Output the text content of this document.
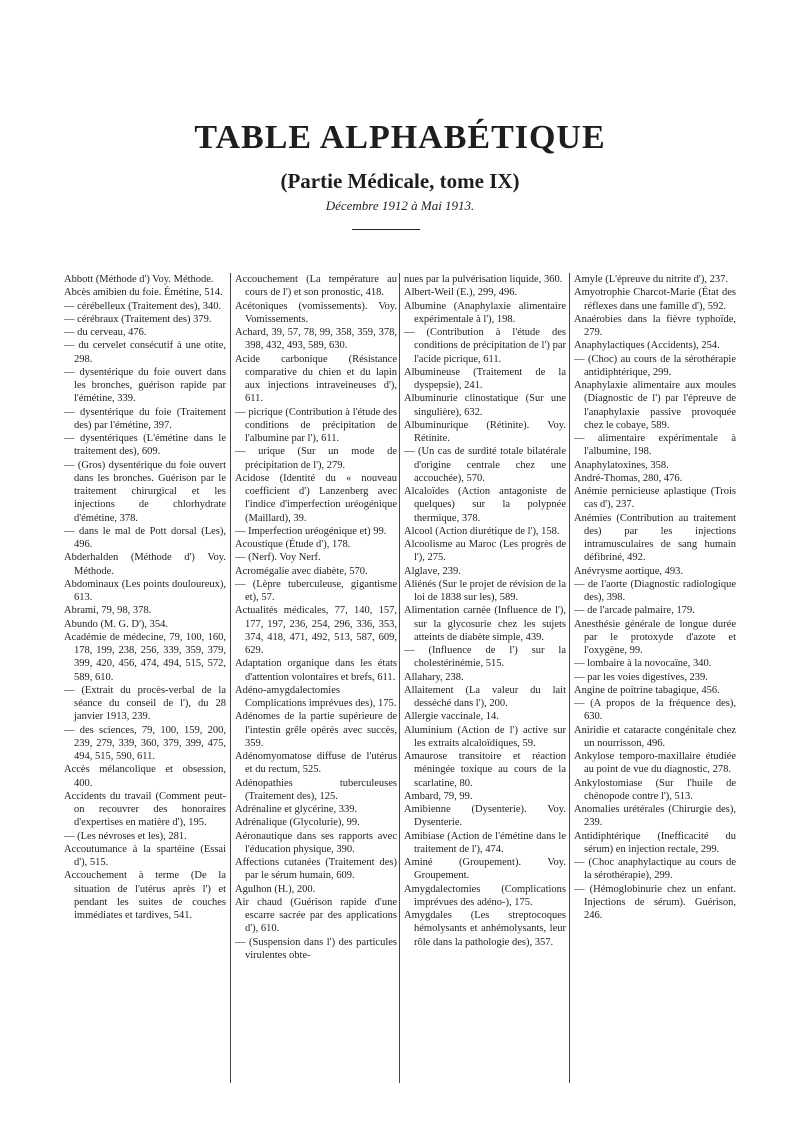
TABLE ALPHABÉTIQUE
(Partie Médicale, tome IX)
Décembre 1912 à Mai 1913.

Abbott (Méthode d') Voy. Méthode.

Abcès amibien du foie. Émétine, 514.

— cérébelleux (Traitement des), 340.

— cérébraux (Traitement des) 379.

— du cerveau, 476.

— du cervelet consécutif à une otite, 298.

— dysentérique du foie ouvert dans les bronches, guérison rapide par l'émétine, 339.

— dysentérique du foie (Traitement des) par l'émétine, 397.

— dysentériques (L'émétine dans le traitement des), 609.

— (Gros) dysentérique du foie ouvert dans les bronches. Guérison par le traitement chirurgical et les injections de chlorhydrate d'émétine, 378.

— dans le mal de Pott dorsal (Les), 496.

Abderhalden (Méthode d') Voy. Méthode.

Abdominaux (Les points douloureux), 613.

Abrami, 79, 98, 378.

Abundo (M. G. D'), 354.

Académie de médecine, 79, 100, 160, 178, 199, 238, 256, 339, 359, 379, 399, 420, 456, 474, 494, 515, 572, 589, 610.

— (Extrait du procès-verbal de la séance du conseil de l'), du 28 janvier 1913, 239.

— des sciences, 79, 100, 159, 200, 239, 279, 339, 360, 379, 399, 475, 494, 515, 590, 611.

Accès mélancolique et obsession, 400.

Accidents du travail (Comment peut-on recouvrer des honoraires d'expertises en matière d'), 195.

— (Les névroses et les), 281.

Accoutumance à la spartéine (Essai d'), 515.

Accouchement à terme (De la situation de l'utérus après l') et pendant les suites de couches immédiates et tardives, 541.

Accouchement (La température au cours de l') et son pronostic, 418.

Acétoniques (vomissements). Voy. Vomissements.

Achard, 39, 57, 78, 99, 358, 359, 378, 398, 432, 493, 589, 630.

Acide carbonique (Résistance comparative du chien et du lapin aux injections intraveineuses d'), 611.

— picrique (Contribution à l'étude des conditions de précipitation de l'albumine par l'), 611.

— urique (Sur un mode de précipitation de l'), 279.

Acidose (Identité du « nouveau coefficient d') Lanzenberg avec l'indice d'imperfection uréogénique (Maillard), 39.

— Imperfection uréogénique et) 99.

Acoustique (Étude d'), 178.

— (Nerf). Voy Nerf.

Acromégalie avec diabète, 570.

— (Lèpre tuberculeuse, gigantisme et), 57.

Actualités médicales, 77, 140, 157, 177, 197, 236, 254, 296, 336, 353, 374, 418, 471, 492, 513, 587, 609, 629.

Adaptation organique dans les états d'attention volontaires et brefs, 611.

Adéno-amygdalectomies Complications imprévues des), 175.

Adénomes de la partie supérieure de l'intestin grêle opérés avec succès, 359.

Adénomyomatose diffuse de l'utérus et du rectum, 525.

Adénopathies tuberculeuses (Traitement des), 125.

Adrénaline et glycérine, 339.

Adrénalique (Glycolurie), 99.

Aéronautique dans ses rapports avec l'éducation physique, 390.

Affections cutanées (Traitement des) par le sérum humain, 609.

Agulhon (H.), 200.

Air chaud (Guérison rapide d'une escarre sacrée par des applications d'), 610.

— (Suspension dans l') des particules virulentes obte-

nues par la pulvérisation liquide, 360.

Albert-Weil (E.), 299, 496.

Albumine (Anaphylaxie alimentaire expérimentale à l'), 198.

— (Contribution à l'étude des conditions de précipitation de l') par l'acide picrique, 611.

Albumineuse (Traitement de la dyspepsie), 241.

Albuminurie clinostatique (Sur une singulière), 632.

Albuminurique (Rétinite). Voy. Rétinite.

— (Un cas de surdité totale bilatérale d'origine centrale chez une accouchée), 570.

Alcaloïdes (Action antagoniste de quelques) sur la polypnée thermique, 378.

Alcool (Action diurétique de l'), 158.

Alcoolisme au Maroc (Les progrès de l'), 275.

Alglave, 239.

Aliénés (Sur le projet de révision de la loi de 1838 sur les), 589.

Alimentation carnée (Influence de l'), sur la glycosurie chez les sujets atteints de diabète simple, 439.

— (Influence de l') sur la cholestérinémie, 515.

Allahary, 238.

Allaitement (La valeur du lait desséché dans l'), 200.

Allergie vaccinale, 14.

Aluminium (Action de l') active sur les extraits alcaloïdiques, 59.

Amaurose transitoire et réaction méningée toxique au cours de la scarlatine, 80.

Ambard, 79, 99.

Amibienne (Dysenterie). Voy. Dysenterie.

Amibiase (Action de l'émétine dans le traitement de l'), 474.

Aminé (Groupement). Voy. Groupement.

Amygdalectomies (Complications imprévues des adéno-), 175.

Amygdales (Les streptocoques hémolysants et anhémolysants, leur rôle dans la pathologie des), 357.

Amyle (L'épreuve du nitrite d'), 237.

Amyotrophie Charcot-Marie (État des réflexes dans une famille d'), 592.

Anaérobies dans la fièvre typhoïde, 279.

Anaphylactiques (Accidents), 254.

— (Choc) au cours de la sérothérapie antidiphtérique, 299.

Anaphylaxie alimentaire aux moules (Diagnostic de l') par l'épreuve de l'anaphylaxie passive provoquée chez le cobaye, 589.

— alimentaire expérimentale à l'albumine, 198.

Anaphylatoxines, 358.

André-Thomas, 280, 476.

Anémie pernicieuse aplastique (Trois cas d'), 237.

Anémies (Contribution au traitement des) par les injections intramusculaires de sang humain défibriné, 492.

Anévrysme aortique, 493.

— de l'aorte (Diagnostic radiologique des), 398.

— de l'arcade palmaire, 179.

Anesthésie générale de longue durée par le protoxyde d'azote et l'oxygène, 99.

— lombaire à la novocaïne, 340.

— par les voies digestives, 239.

Angine de poitrine tabagique, 456.

— (A propos de la fréquence des), 630.

Aniridie et cataracte congénitale chez un nourrisson, 496.

Ankylose temporo-maxillaire étudiée au point de vue du diagnostic, 278.

Ankylostomiase (Sur l'huile de chénopode contre l'), 513.

Anomalies urétérales (Chirurgie des), 239.

Antidiphtérique (Inefficacité du sérum) en injection rectale, 299.

— (Choc anaphylactique au cours de la sérothérapie), 299.

— (Hémoglobinurie chez un enfant. Injections de sérum). Guérison, 246.
